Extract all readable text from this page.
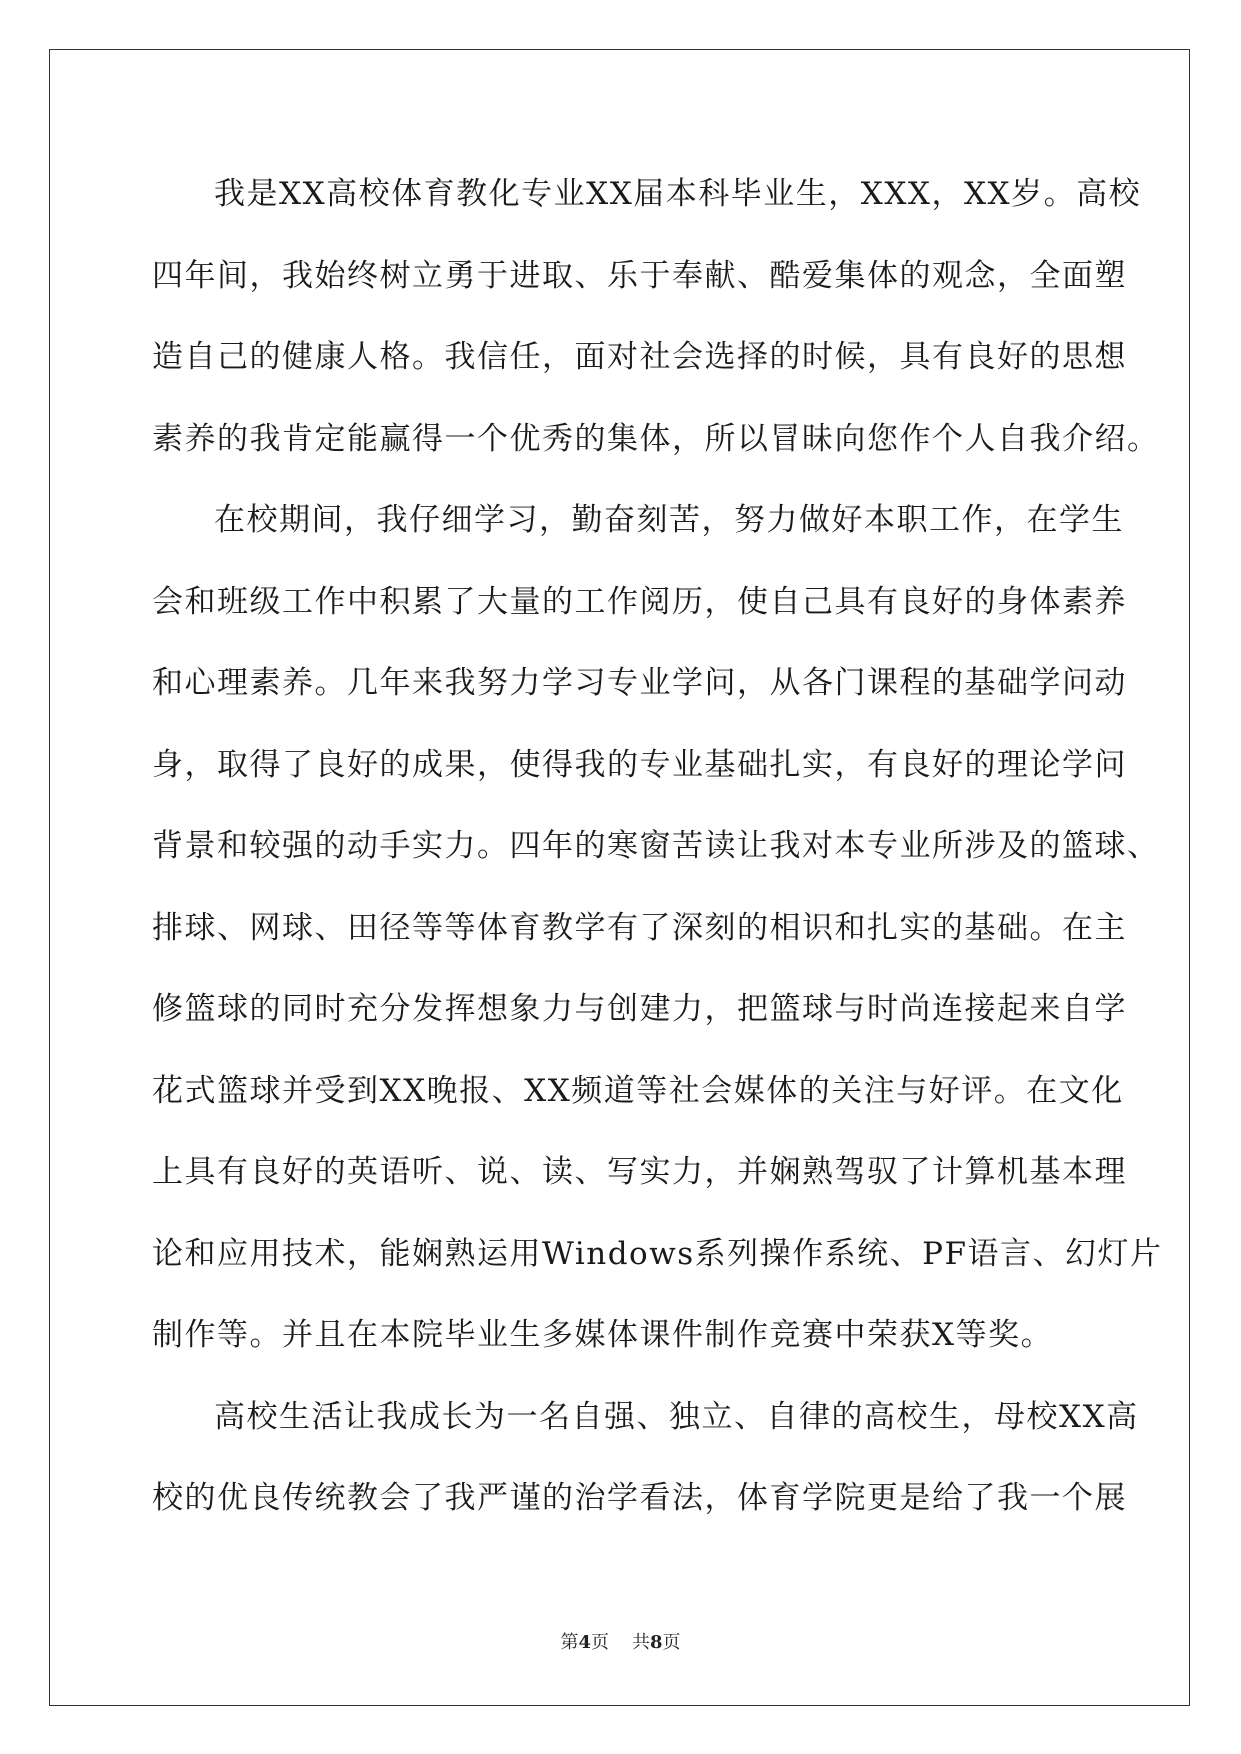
我是XX高校体育教化专业XX届本科毕业生，XXX，XX岁。高校
四年间，我始终树立勇于进取、乐于奉献、酷爱集体的观念，全面塑
造自己的健康人格。我信任，面对社会选择的时候，具有良好的思想
素养的我肯定能赢得一个优秀的集体，所以冒昧向您作个人自我介绍。
在校期间，我仔细学习，勤奋刻苦，努力做好本职工作，在学生
会和班级工作中积累了大量的工作阅历，使自己具有良好的身体素养
和心理素养。几年来我努力学习专业学问，从各门课程的基础学问动
身，取得了良好的成果，使得我的专业基础扎实，有良好的理论学问
背景和较强的动手实力。四年的寒窗苦读让我对本专业所涉及的篮球、
排球、网球、田径等等体育教学有了深刻的相识和扎实的基础。在主
修篮球的同时充分发挥想象力与创建力，把篮球与时尚连接起来自学
花式篮球并受到XX晚报、XX频道等社会媒体的关注与好评。在文化
上具有良好的英语听、说、读、写实力，并娴熟驾驭了计算机基本理
论和应用技术，能娴熟运用Windows系列操作系统、PF语言、幻灯片
制作等。并且在本院毕业生多媒体课件制作竞赛中荣获X等奖。
高校生活让我成长为一名自强、独立、自律的高校生，母校XX高
校的优良传统教会了我严谨的治学看法，体育学院更是给了我一个展
第4页 共8页
